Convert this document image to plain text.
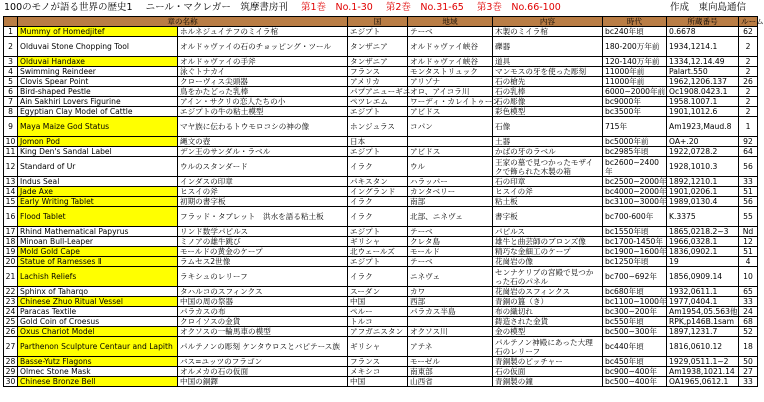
100のモノが語る世界の歴史1 ニール・マクレガー　筑摩書房刊 第1巻　No.1-30 第2巻　No.31-65 第3巻　No.66-100	作成　東向島通信
	章の名称		国	地域	内容	時代	所蔵番号	ルーム
1	Mummy of Homedjitef	ホルネジュイテフのミイラ棺	エジプト	テーベ	木製のミイラ棺	bc240年頃	0.6678	62
2	Olduvai Stone Chopping Tool	オルドゥヴァイの石のチョッピング・ツール	タンザニア	オルドゥヴァイ峡谷	礫器	180-200万年前	1934,1214.1	2
3	Olduvai Handaxe	オルドゥヴァイの手斧	タンザニア	オルドゥヴァイ峡谷	道具	120-140万年前	1334,12.14.49	2
4	Swimming Reindeer	泳ぐトナカイ	フランス	モンタストリュック	マンモスの牙を使った彫刻	11000年前	Palart.550	2
5	Clovis Spear Point	クローヴィス尖頭器	アメリカ	アリゾナ	石の槍先	11000年前	1962,1206.137	26
6	Bird-shaped Pestle	鳥をかたどった乳棒	パプアニューギニ	オロ、アイコラ川	石の乳棒	6000~2000年前	Oc1908.0423.1	2
7	Ain Sakhiri Lovers Figurine	アイン・サクリの恋人たちの小	ペツレエム	ワーディ・カレイトゥーン	石の彫像	bc9000年	1958.1007.1	2
8	Egyptian Clay Model of Cattle	エジプトの牛の粘土模型	エジプト	アビドス	彩色模型	bc3500年	1901,1012.6	2
9	Maya Maize God Status	マヤ族に伝わるトウモロコシの神の像	ホンジュラス	コパン	石像	715年	Am1923,Maud.8	1
10	Jomon Pod	縄文の壺	日本		土器	bc5000年前	OA+.20	92
11	King Den's Sandal Label	デン王のサンダル・ラベル	エジプト	アビドス	かばの牙のラベル	bc2985年頃	1922,0728.2	64
12	Standard of Ur	ウルのスタンダード	イラク	ウル	王家の墓で見つかったモザイクで飾られた木製の箱	bc2600~2400年	1928,1010.3	56
13	Indus Seal	インダスの印章	パキスタン	ハラッパー	石の印章	bc2500~2000年	1892,1210.1	33
14	Jade Axe	ヒスイの斧	イングランド	カンタベリー	ヒスイの斧	bc4000~2000年	1901,0206.1	51
15	Early Writing Tablet	初期の書字板	イラク	南部	粘土板	bc3100~3000年	1989,0130.4	56
16	Flood Tablet	フラッド・タブレット　洪水を語る粘土板	イラク	北部、ニネヴェ	書字板	bc700-600年	K.3375	55
17	Rhind Mathematical Papyrus	リンド数学パピルス	エジプト	テーベ	パピルス	bc1550年頃	1865,0218.2~3	Nd
18	Minoan Bull-Leaper	ミノアの雄牛跳び	ギリシャ	クレタ島	雄牛と曲芸師のブロンズ像	bc1700-1450年	1966,0328.1	12
19	Mold Gold Cape	モールドの黄金のケープ	北ウェールズ	モールド	精巧な金細工のケープ	bc1900~1600年	1836,0902.1	51
20	Statue of Ramesses Ⅱ	ラムセス2世像	エジプト	テーベ	花崗岩の像	bc1250年頃	19	4
21	Lachish Reliefs	ラキシュのレリーフ	イラク	ニネヴェ	センナケリブの宮殿で見つかった石のパネル	bc700~692年	1856,0909.14	10
22	Sphinx of Taharqo	タハルコのスフィンクス	スーダン	カワ	花崗岩のスフィンクス	bc680年頃	1932,0611.1	65
23	Chinese Zhuo Ritual Vessel	中国の周の祭器	中国	西部	青銅の簋（き）	bc1100~1000年	1977,0404.1	33
24	Paracas Textile	パラカスの布	ペルー	パラカス半島	布の織切れ	bc300~200年	Am1954,05.563他	24
25	Gold Coin of Croesus	クロイソスの金貨	トルコ		鋳造された金貨	bc550年頃	RPK,p146B.1sam	68
26	Oxus Chariot Model	オクソスの一輪馬車の模型	アフガニスタン	オクソス川	金の模型	bc500~300年	1897,1231.7	52
27	Parthenon Sculpture Centaur and Lapith	パルテノンの彫刻 ケンタウロスとバピテース族	ギリシャ	アテネ	パルテノン神殿にあった大理石のレリーフ	bc440年頃	1816,0610.12	18
28	Basse-Yutz Flagons	バス=ユッツのフラゴン	フランス	モーゼル	青銅製のピッチャー	bc450年頃	1929,0511.1~2	50
29	Olmec Stone Mask	オルメカの石の仮面	メキシコ	南東部	石の仮面	bc900~400年	Am1938,1021.14	27
30	Chinese Bronze Bell	中国の銅鐸	中国	山西省	青銅製の鐘	bc500~400年	OA1965,0612.1	33
